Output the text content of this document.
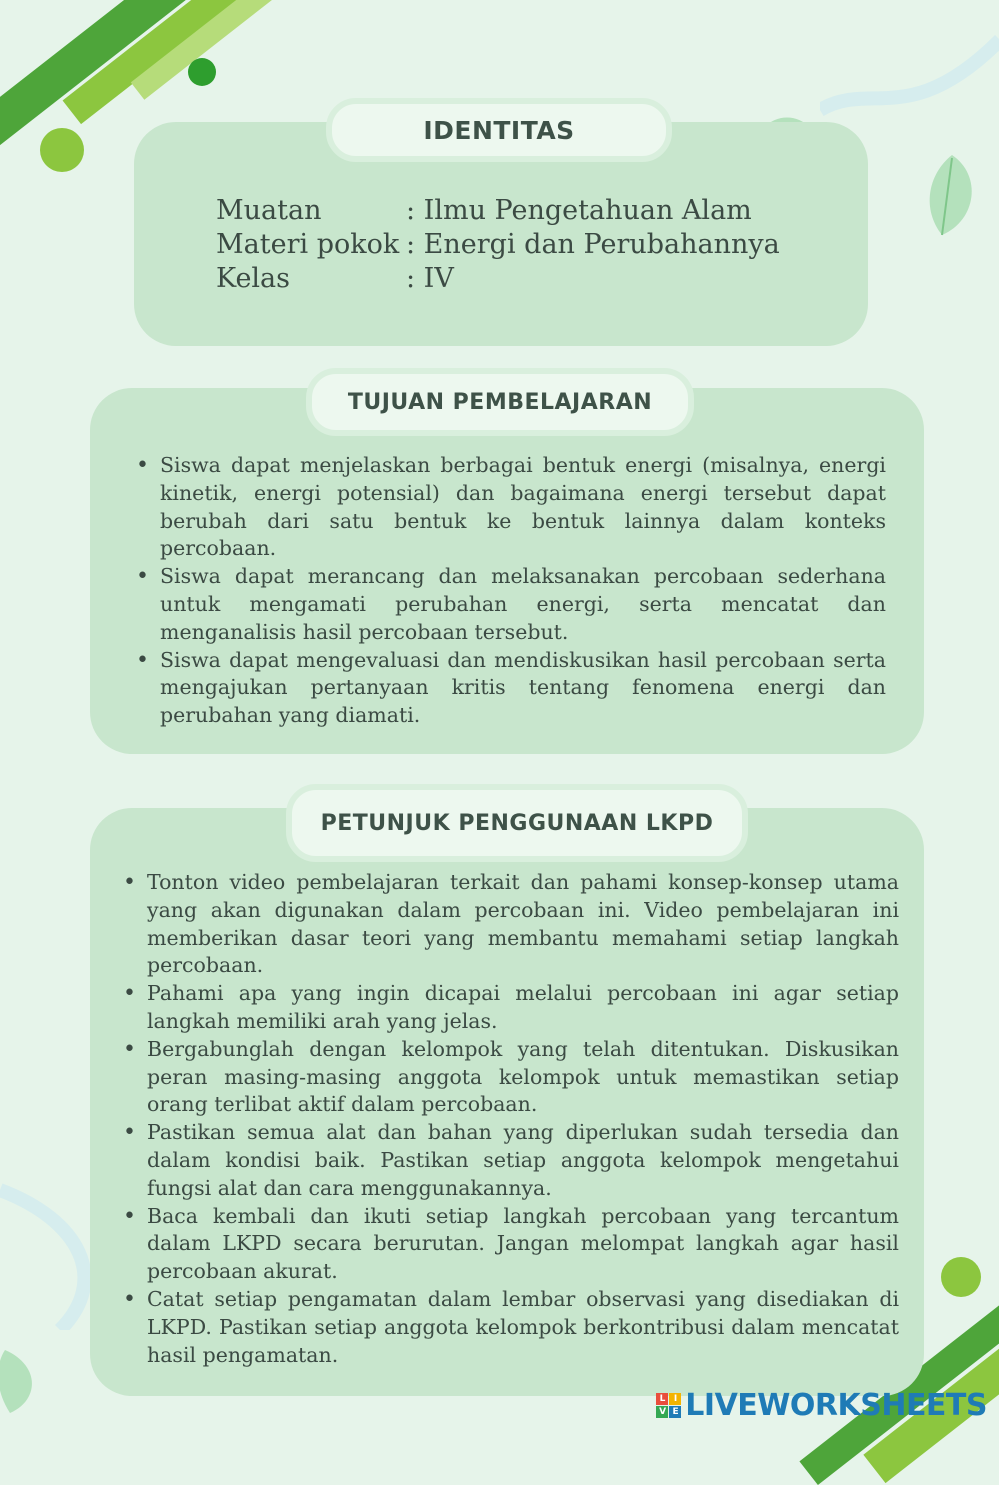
IDENTITAS
Muatan	: Ilmu Pengetahuan Alam
Materi pokok : Energi dan Perubahannya
Kelas	: IV
TUJUAN PEMBELAJARAN
• Siswa dapat menjelaskan berbagai bentuk energi (misalnya, energi kinetik, energi potensial) dan bagaimana energi tersebut dapat berubah dari satu bentuk ke bentuk lainnya dalam konteks percobaan.
• Siswa dapat merancang dan melaksanakan percobaan sederhana untuk mengamati perubahan energi, serta mencatat dan menganalisis hasil percobaan tersebut.
• Siswa dapat mengevaluasi dan mendiskusikan hasil percobaan serta mengajukan pertanyaan kritis tentang fenomena energi dan perubahan yang diamati.
PETUNJUK PENGGUNAAN LKPD
• Tonton video pembelajaran terkait dan pahami konsep-konsep utama yang akan digunakan dalam percobaan ini. Video pembelajaran ini memberikan dasar teori yang membantu memahami setiap langkah percobaan.
• Pahami apa yang ingin dicapai melalui percobaan ini agar setiap langkah memiliki arah yang jelas.
• Bergabunglah dengan kelompok yang telah ditentukan. Diskusikan peran masing-masing anggota kelompok untuk memastikan setiap orang terlibat aktif dalam percobaan.
• Pastikan semua alat dan bahan yang diperlukan sudah tersedia dan dalam kondisi baik. Pastikan setiap anggota kelompok mengetahui fungsi alat dan cara menggunakannya.
• Baca kembali dan ikuti setiap langkah percobaan yang tercantum dalam LKPD secara berurutan. Jangan melompat langkah agar hasil percobaan akurat.
• Catat setiap pengamatan dalam lembar observasi yang disediakan di LKPD. Pastikan setiap anggota kelompok berkontribusi dalam mencatat hasil pengamatan.
L I
V E LIVEWORKSHEETS
